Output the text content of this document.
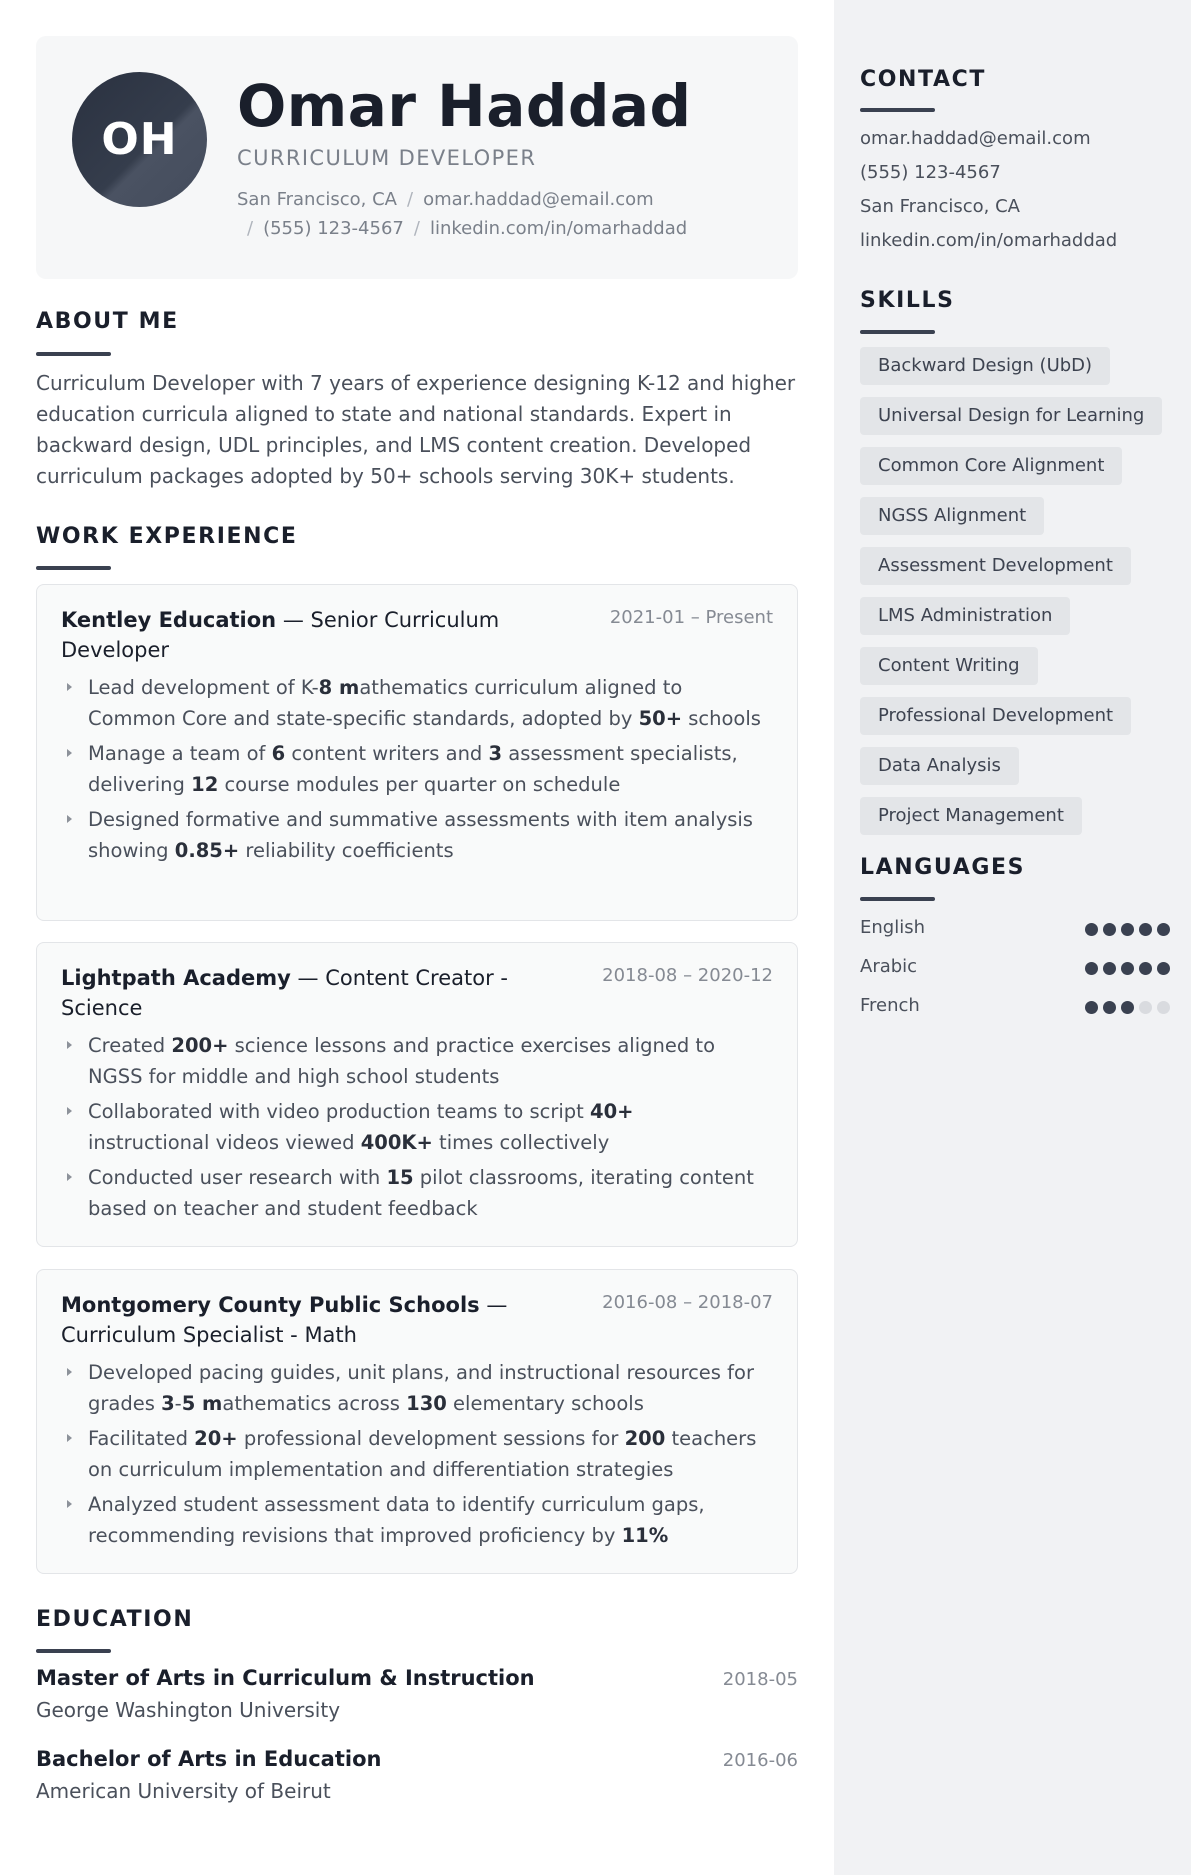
OH	Omar Haddad
CURRICULUM DEVELOPER
San Francisco, CA / omar.haddad@email.com
/ (555) 123-4567 / linkedin.com/in/omarhaddad
ABOUT ME
Curriculum Developer with 7 years of experience designing K-12 and higher education curricula aligned to state and national standards. Expert in backward design, UDL principles, and LMS content creation. Developed curriculum packages adopted by 50+ schools serving 30K+ students.
WORK EXPERIENCE
Kentley Education — Senior Curriculum Developer
2021-01 – Present
Lead development of K-8 mathematics curriculum aligned to Common Core and state-specific standards, adopted by 50+ schools
Manage a team of 6 content writers and 3 assessment specialists, delivering 12 course modules per quarter on schedule
Designed formative and summative assessments with item analysis showing 0.85+ reliability coefficients
Lightpath Academy — Content Creator - Science
2018-08 – 2020-12
Created 200+ science lessons and practice exercises aligned to NGSS for middle and high school students
Collaborated with video production teams to script 40+ instructional videos viewed 400K+ times collectively
Conducted user research with 15 pilot classrooms, iterating content based on teacher and student feedback
Montgomery County Public Schools — Curriculum Specialist - Math
2016-08 – 2018-07
Developed pacing guides, unit plans, and instructional resources for grades 3-5 mathematics across 130 elementary schools
Facilitated 20+ professional development sessions for 200 teachers on curriculum implementation and differentiation strategies
Analyzed student assessment data to identify curriculum gaps, recommending revisions that improved proficiency by 11%
EDUCATION
Master of Arts in Curriculum & Instruction	2018-05
George Washington University
Bachelor of Arts in Education	2016-06
American University of Beirut
CONTACT
omar.haddad@email.com
(555) 123-4567
San Francisco, CA
linkedin.com/in/omarhaddad
SKILLS
Backward Design (UbD)
Universal Design for Learning
Common Core Alignment
NGSS Alignment
Assessment Development
LMS Administration
Content Writing
Professional Development
Data Analysis
Project Management
LANGUAGES
English
Arabic
French
